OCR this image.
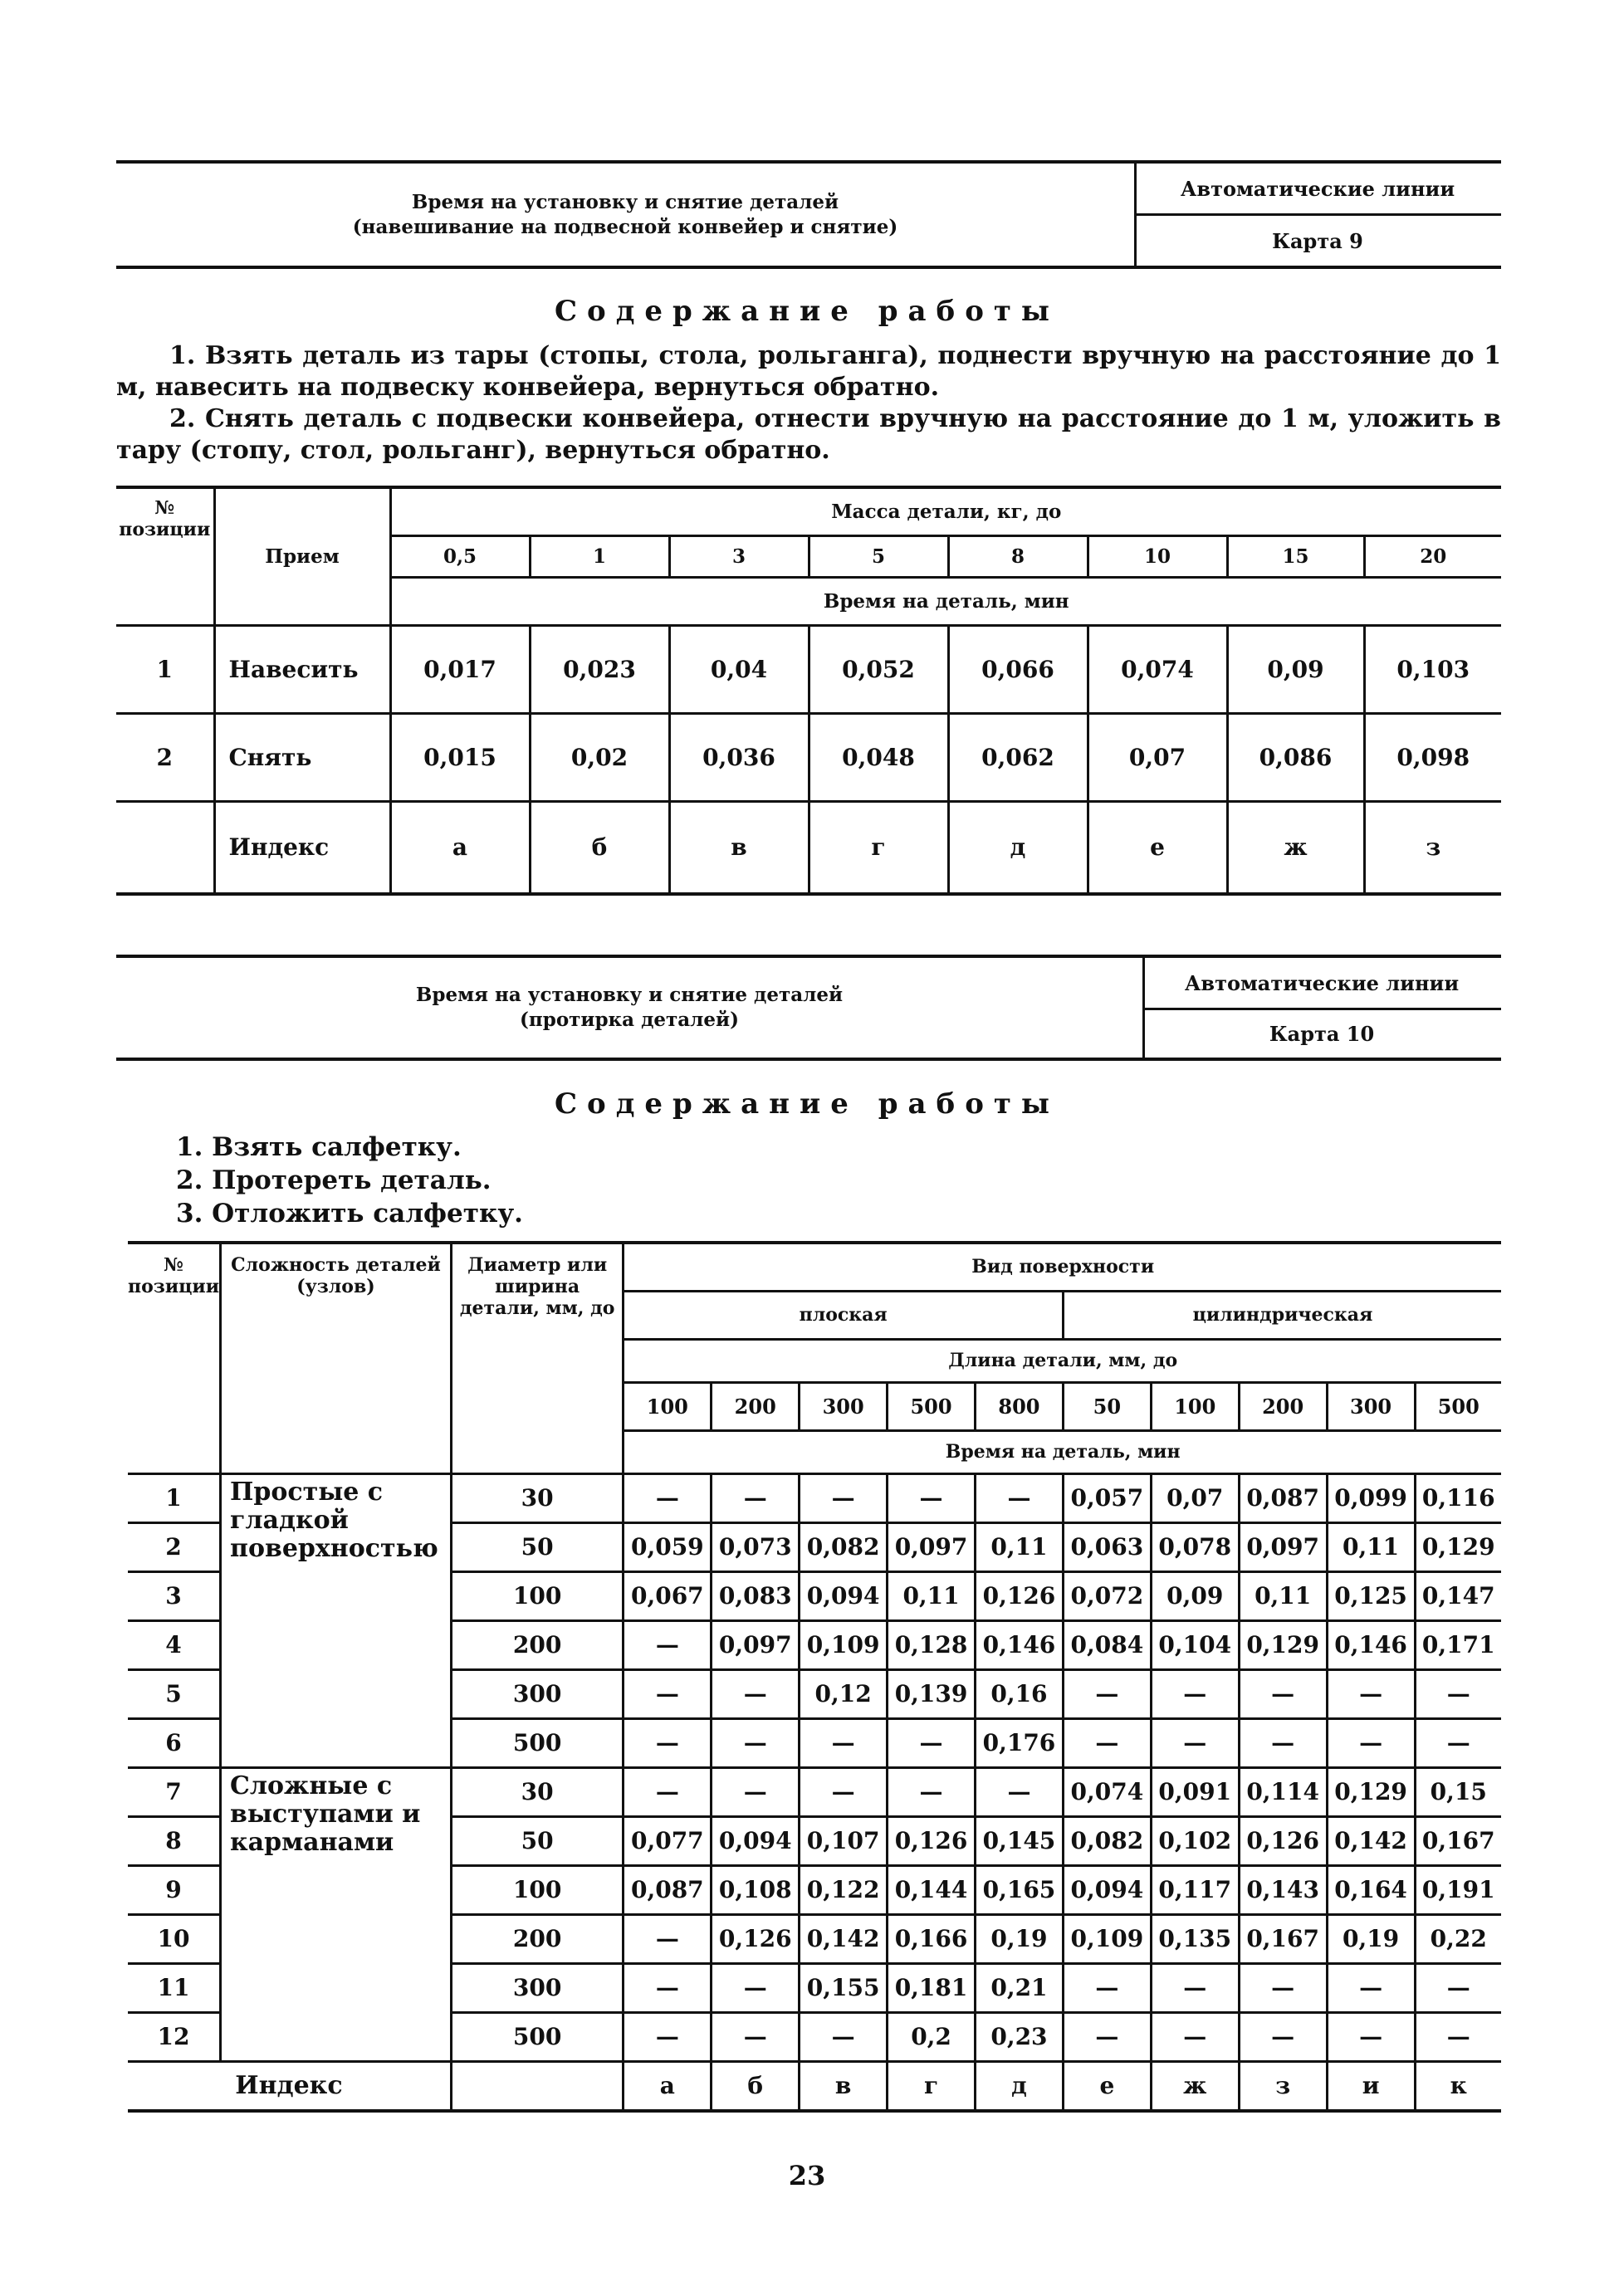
Время на установку и снятие деталей
(навешивание на подвесной конвейер и снятие)
Автоматические линии
Карта 9
Содержание работы

1. Взять деталь из тары (стопы, стола, рольганга), поднести вручную на расстояние до 1 м, навесить на подвеску конвейера, вернуться обратно.

2. Снять деталь с подвески конвейера, отнести вручную на расстояние до 1 м, уложить в тару (стопу, стол, рольганг), вернуться обратно.

№ позиции	Прием	Масса детали, кг, до							
		0,5	1	3	5	8	10	15	20
		Время на деталь, мин							
1	Навесить	0,017	0,023	0,04	0,052	0,066	0,074	0,09	0,103
2	Снять	0,015	0,02	0,036	0,048	0,062	0,07	0,086	0,098
	Индекс	а	б	в	г	д	е	ж	з
Время на установку и снятие деталей
(протирка деталей)
Автоматические линии
Карта 10
Содержание работы
1. Взять салфетку.
2. Протереть деталь.
3. Отложить салфетку.
№ позиции	Сложность деталей (узлов)	Диаметр или ширина детали, мм, до	Вид поверхности									
			плоская					цилиндрическая				
			Длина детали, мм, до									
			100	200	300	500	800	50	100	200	300	500
			Время на деталь, мин									
1	Простые с гладкой поверхностью	30	—	—	—	—	—	0,057	0,07	0,087	0,099	0,116
2		50	0,059	0,073	0,082	0,097	0,11	0,063	0,078	0,097	0,11	0,129
3		100	0,067	0,083	0,094	0,11	0,126	0,072	0,09	0,11	0,125	0,147
4		200	—	0,097	0,109	0,128	0,146	0,084	0,104	0,129	0,146	0,171
5		300	—	—	0,12	0,139	0,16	—	—	—	—	—
6		500	—	—	—	—	0,176	—	—	—	—	—
7	Сложные с выступами и карманами	30	—	—	—	—	—	0,074	0,091	0,114	0,129	0,15
8		50	0,077	0,094	0,107	0,126	0,145	0,082	0,102	0,126	0,142	0,167
9		100	0,087	0,108	0,122	0,144	0,165	0,094	0,117	0,143	0,164	0,191
10		200	—	0,126	0,142	0,166	0,19	0,109	0,135	0,167	0,19	0,22
11		300	—	—	0,155	0,181	0,21	—	—	—	—	—
12		500	—	—	—	0,2	0,23	—	—	—	—	—
Индекс			а	б	в	г	д	е	ж	з	и	к
23
